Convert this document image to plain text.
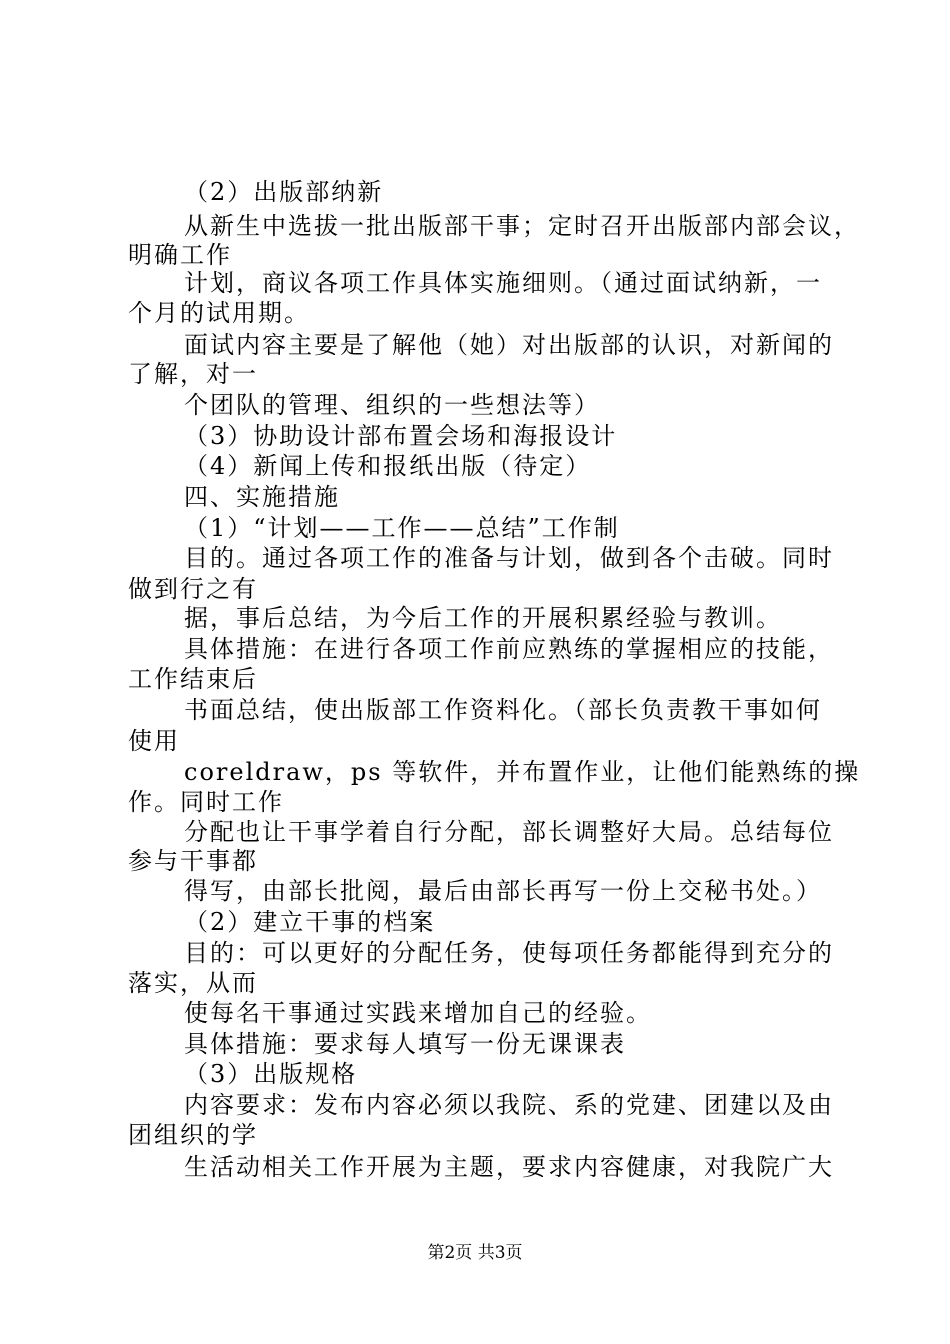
（2）出版部纳新
从新生中选拔一批出版部干事；定时召开出版部内部会议，
明确工作
计划，商议各项工作具体实施细则。（通过面试纳新，一
个月的试用期。
面试内容主要是了解他（她）对出版部的认识，对新闻的
了解，对一
个团队的管理、组织的一些想法等）
（3）协助设计部布置会场和海报设计
（4）新闻上传和报纸出版（待定）
四、实施措施
（1）“计划——工作——总结”工作制
目的。通过各项工作的准备与计划，做到各个击破。同时
做到行之有
据，事后总结，为今后工作的开展积累经验与教训。
具体措施：在进行各项工作前应熟练的掌握相应的技能，
工作结束后
书面总结，使出版部工作资料化。（部长负责教干事如何
使用
coreldraw，ps 等软件，并布置作业，让他们能熟练的操
作。同时工作
分配也让干事学着自行分配，部长调整好大局。总结每位
参与干事都
得写，由部长批阅，最后由部长再写一份上交秘书处。）
（2）建立干事的档案
目的：可以更好的分配任务，使每项任务都能得到充分的
落实，从而
使每名干事通过实践来增加自己的经验。
具体措施：要求每人填写一份无课课表
（3）出版规格
内容要求：发布内容必须以我院、系的党建、团建以及由
团组织的学
生活动相关工作开展为主题，要求内容健康，对我院广大
第2页 共3页
